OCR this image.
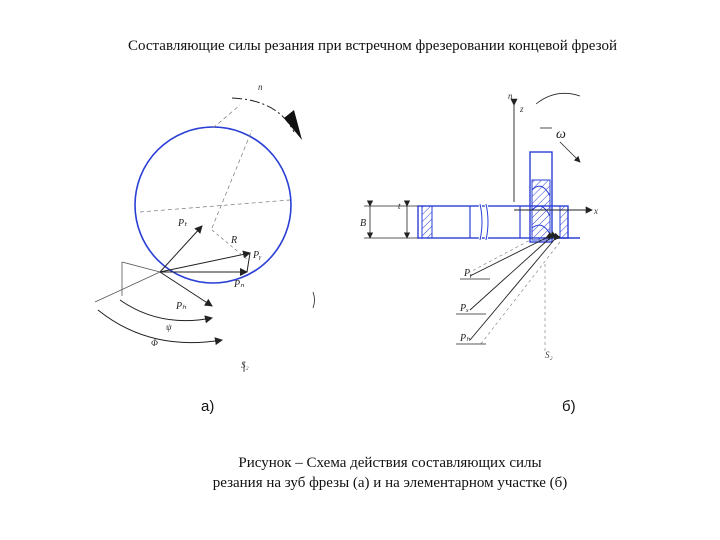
Составляющие силы резания при встречном фрезеровании концевой фрезой
n
Pₜ
R
Pᵧ
Pₙ
Pₕ
ψ
Φ
S₂
z
n
ω
x
B
t
Pᵧ
Pₓ
Pₕ
S₂
а)	б)
Рисунок – Схема действия составляющих силы
резания на зуб фрезы (а) и на элементарном участке (б)
